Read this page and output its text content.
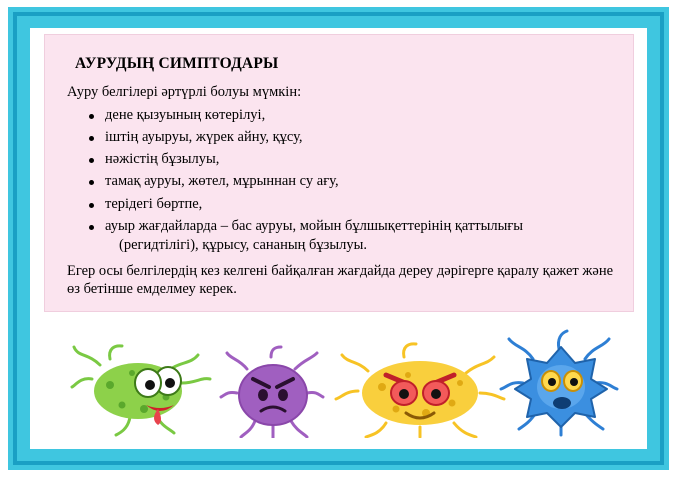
АУРУДЫҢ СИМПТОДАРЫ
Ауру белгілері әртүрлі болуы мүмкін:
дене қызуының көтерілуі,
іштің ауыруы, жүрек айну, құсу,
нәжістің бұзылуы,
тамақ ауруы, жөтел, мұрыннан су ағу,
терідегі бөртпе,
ауыр жағдайларда – бас ауруы, мойын бұлшықеттерінің қаттылығы
(регидтілігі), құрысу, сананың бұзылуы.
Егер осы белгілердің кез келгені байқалған жағдайда дереу дәрігерге қаралу қажет және өз бетінше емделмеу керек.
